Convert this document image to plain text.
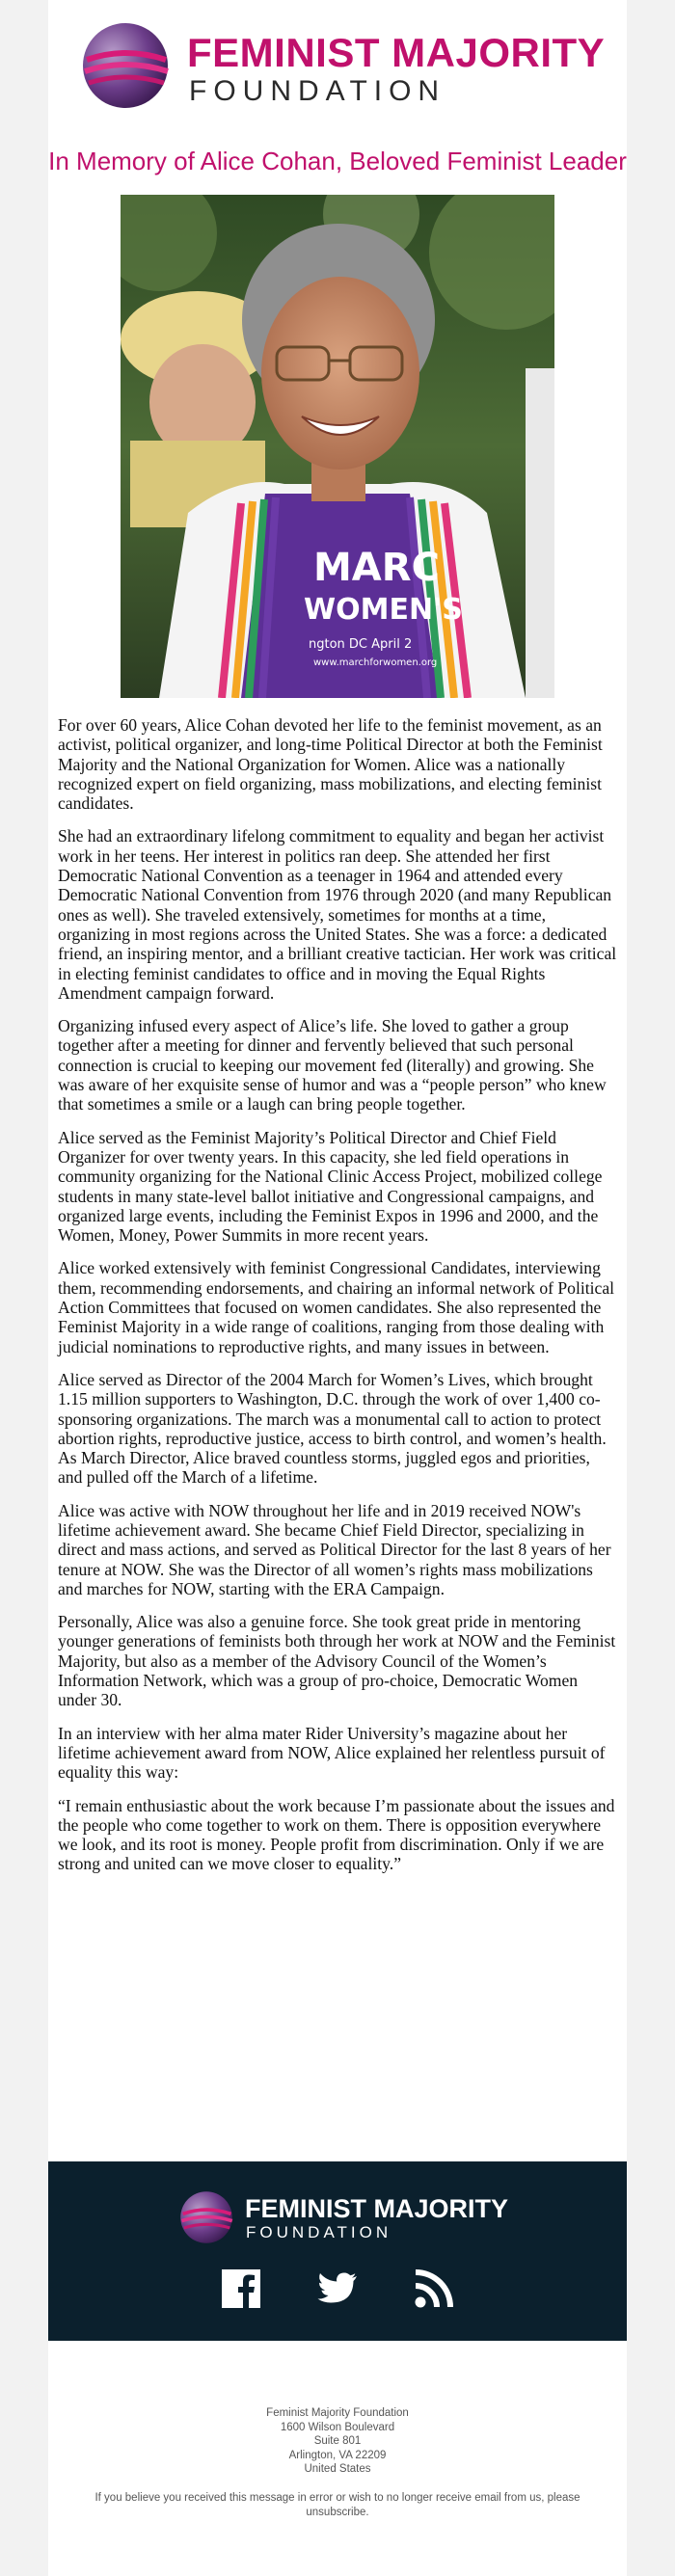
FEMINIST MAJORITY
FOUNDATION
In Memory of Alice Cohan, Beloved Feminist Leader
MARC
WOMEN'S
ngton DC April 2
www.marchforwomen.org

For over 60 years, Alice Cohan devoted her life to the feminist movement, as an activist, political organizer, and long-time Political Director at both the Feminist Majority and the National Organization for Women. Alice was a nationally recognized expert on field organizing, mass mobilizations, and electing feminist candidates.

She had an extraordinary lifelong commitment to equality and began her activist work in her teens. Her interest in politics ran deep. She attended her first Democratic National Convention as a teenager in 1964 and attended every Democratic National Convention from 1976 through 2020 (and many Republican ones as well). She traveled extensively, sometimes for months at a time, organizing in most regions across the United States. She was a force: a dedicated friend, an inspiring mentor, and a brilliant creative tactician. Her work was critical in electing feminist candidates to office and in moving the Equal Rights Amendment campaign forward.

Organizing infused every aspect of Alice’s life. She loved to gather a group together after a meeting for dinner and fervently believed that such personal connection is crucial to keeping our movement fed (literally) and growing. She was aware of her exquisite sense of humor and was a “people person” who knew that sometimes a smile or a laugh can bring people together.

Alice served as the Feminist Majority’s Political Director and Chief Field Organizer for over twenty years. In this capacity, she led field operations in community organizing for the National Clinic Access Project, mobilized college students in many state-level ballot initiative and Congressional campaigns, and organized large events, including the Feminist Expos in 1996 and 2000, and the Women, Money, Power Summits in more recent years.

Alice worked extensively with feminist Congressional Candidates, interviewing them, recommending endorsements, and chairing an informal network of Political Action Committees that focused on women candidates. She also represented the Feminist Majority in a wide range of coalitions, ranging from those dealing with judicial nominations to reproductive rights, and many issues in between.

Alice served as Director of the 2004 March for Women’s Lives, which brought 1.15 million supporters to Washington, D.C. through the work of over 1,400 co-sponsoring organizations. The march was a monumental call to action to protect abortion rights, reproductive justice, access to birth control, and women’s health. As March Director, Alice braved countless storms, juggled egos and priorities, and pulled off the March of a lifetime.

Alice was active with NOW throughout her life and in 2019 received NOW's lifetime achievement award. She became Chief Field Director, specializing in direct and mass actions, and served as Political Director for the last 8 years of her tenure at NOW. She was the Director of all women’s rights mass mobilizations and marches for NOW, starting with the ERA Campaign.

Personally, Alice was also a genuine force. She took great pride in mentoring younger generations of feminists both through her work at NOW and the Feminist Majority, but also as a member of the Advisory Council of the Women’s Information Network, which was a group of pro-choice, Democratic Women under 30.

In an interview with her alma mater Rider University’s magazine about her lifetime achievement award from NOW, Alice explained her relentless pursuit of equality this way:

“I remain enthusiastic about the work because I’m passionate about the issues and the people who come together to work on them. There is opposition everywhere we look, and its root is money. People profit from discrimination. Only if we are strong and united can we move closer to equality.”

FEMINIST MAJORITY
FOUNDATION
Feminist Majority Foundation
1600 Wilson Boulevard
Suite 801
Arlington, VA 22209
United States
If you believe you received this message in error or wish to no longer receive email from us, please unsubscribe.
